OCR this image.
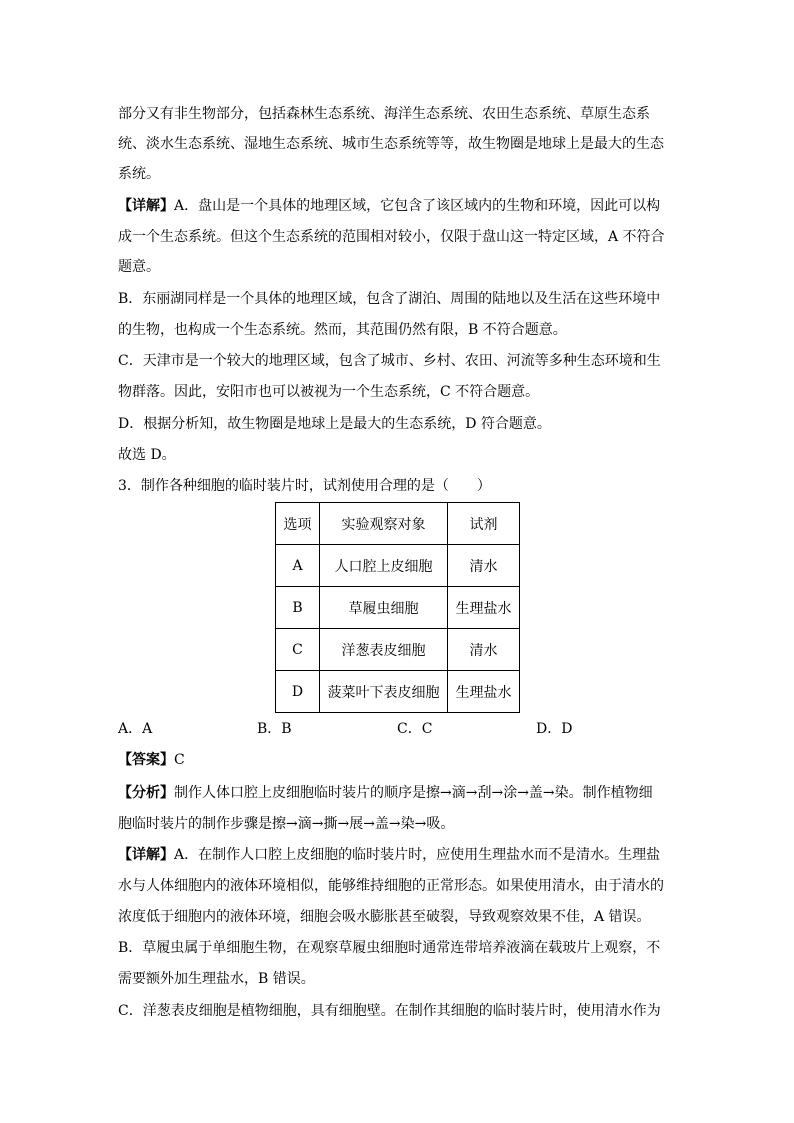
部分又有非生物部分，包括森林生态系统、海洋生态系统、农田生态系统、草原生态系
统、淡水生态系统、湿地生态系统、城市生态系统等等，故生物圈是地球上是最大的生态
系统。
【详解】A．盘山是一个具体的地理区域，它包含了该区域内的生物和环境，因此可以构
成一个生态系统。但这个生态系统的范围相对较小，仅限于盘山这一特定区域，A 不符合
题意。
B．东丽湖同样是一个具体的地理区域，包含了湖泊、周围的陆地以及生活在这些环境中
的生物，也构成一个生态系统。然而，其范围仍然有限，B 不符合题意。
C．天津市是一个较大的地理区域，包含了城市、乡村、农田、河流等多种生态环境和生
物群落。因此，安阳市也可以被视为一个生态系统，C 不符合题意。
D．根据分析知，故生物圈是地球上是最大的生态系统，D 符合题意。
故选 D。
3．制作各种细胞的临时装片时，试剂使用合理的是（　　）
选项	实验观察对象	试剂
A	人口腔上皮细胞	清水
B	草履虫细胞	生理盐水
C	洋葱表皮细胞	清水
D	菠菜叶下表皮细胞	生理盐水
A．A	B．B	C．C	D．D
【答案】C
【分析】制作人体口腔上皮细胞临时装片的顺序是擦→滴→刮→涂→盖→染。制作植物细
胞临时装片的制作步骤是擦→滴→撕→展→盖→染→吸。
【详解】A．在制作人口腔上皮细胞的临时装片时，应使用生理盐水而不是清水。生理盐
水与人体细胞内的液体环境相似，能够维持细胞的正常形态。如果使用清水，由于清水的
浓度低于细胞内的液体环境，细胞会吸水膨胀甚至破裂，导致观察效果不佳，A 错误。
B．草履虫属于单细胞生物，在观察草履虫细胞时通常连带培养液滴在载玻片上观察，不
需要额外加生理盐水，B 错误。
C．洋葱表皮细胞是植物细胞，具有细胞壁。在制作其细胞的临时装片时，使用清水作为
